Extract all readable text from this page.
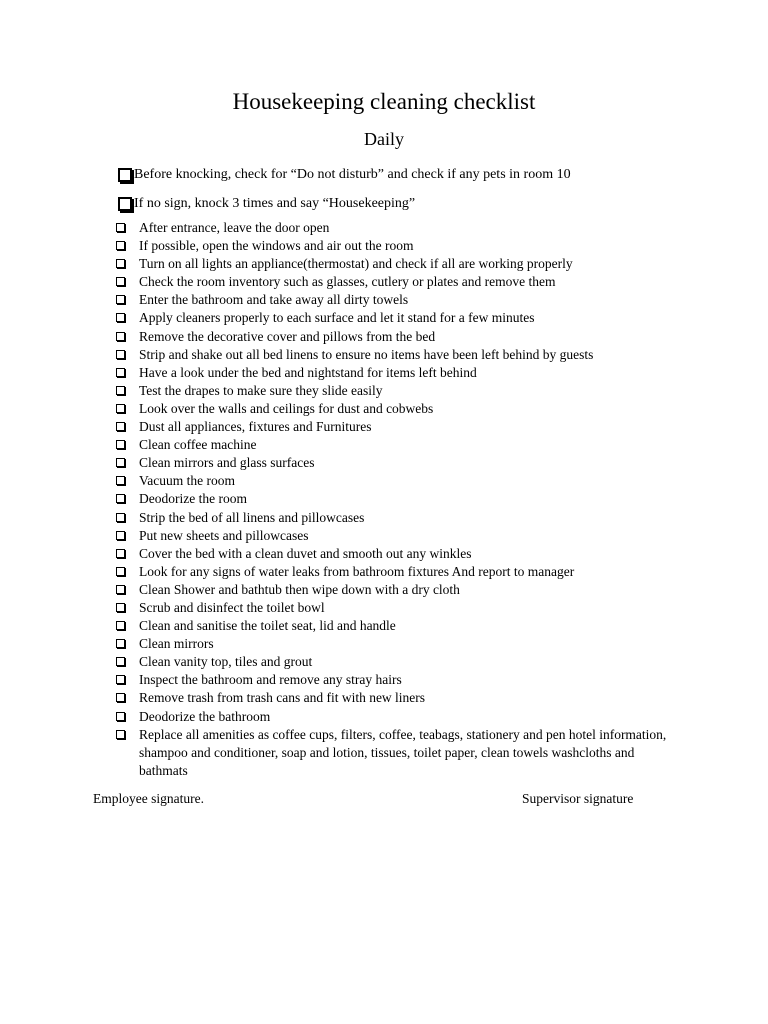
Housekeeping cleaning checklist
Daily
Before knocking, check for “Do not disturb” and check if any pets in room 10
If no sign, knock 3 times and say “Housekeeping”
After entrance, leave the door open
If possible, open the windows and air out the room
Turn on all lights an appliance(thermostat) and check if all are working properly
Check the room inventory such as glasses, cutlery or plates and remove them
Enter the bathroom and take away all dirty towels
Apply cleaners properly to each surface and let it stand for a few minutes
Remove the decorative cover and pillows from the bed
Strip and shake out all bed linens to ensure no items have been left behind by guests
Have a look under the bed and nightstand for items left behind
Test the drapes to make sure they slide easily
Look over the walls and ceilings for dust and cobwebs
Dust all appliances, fixtures and Furnitures
Clean coffee machine
Clean mirrors and glass surfaces
Vacuum the room
Deodorize the room
Strip the bed of all linens and pillowcases
Put new sheets and pillowcases
Cover the bed with a clean duvet and smooth out any winkles
Look for any signs of water leaks from bathroom fixtures And report to manager
Clean Shower and bathtub then wipe down with a dry cloth
Scrub and disinfect the toilet bowl
Clean and sanitise the toilet seat, lid and handle
Clean mirrors
Clean vanity top, tiles and grout
Inspect the bathroom and remove any stray hairs
Remove trash from trash cans and fit with new liners
Deodorize the bathroom
Replace all amenities as coffee cups, filters, coffee, teabags, stationery and pen hotel information, shampoo and conditioner, soap and lotion, tissues, toilet paper, clean towels washcloths and bathmats
Employee signature.	Supervisor signature
